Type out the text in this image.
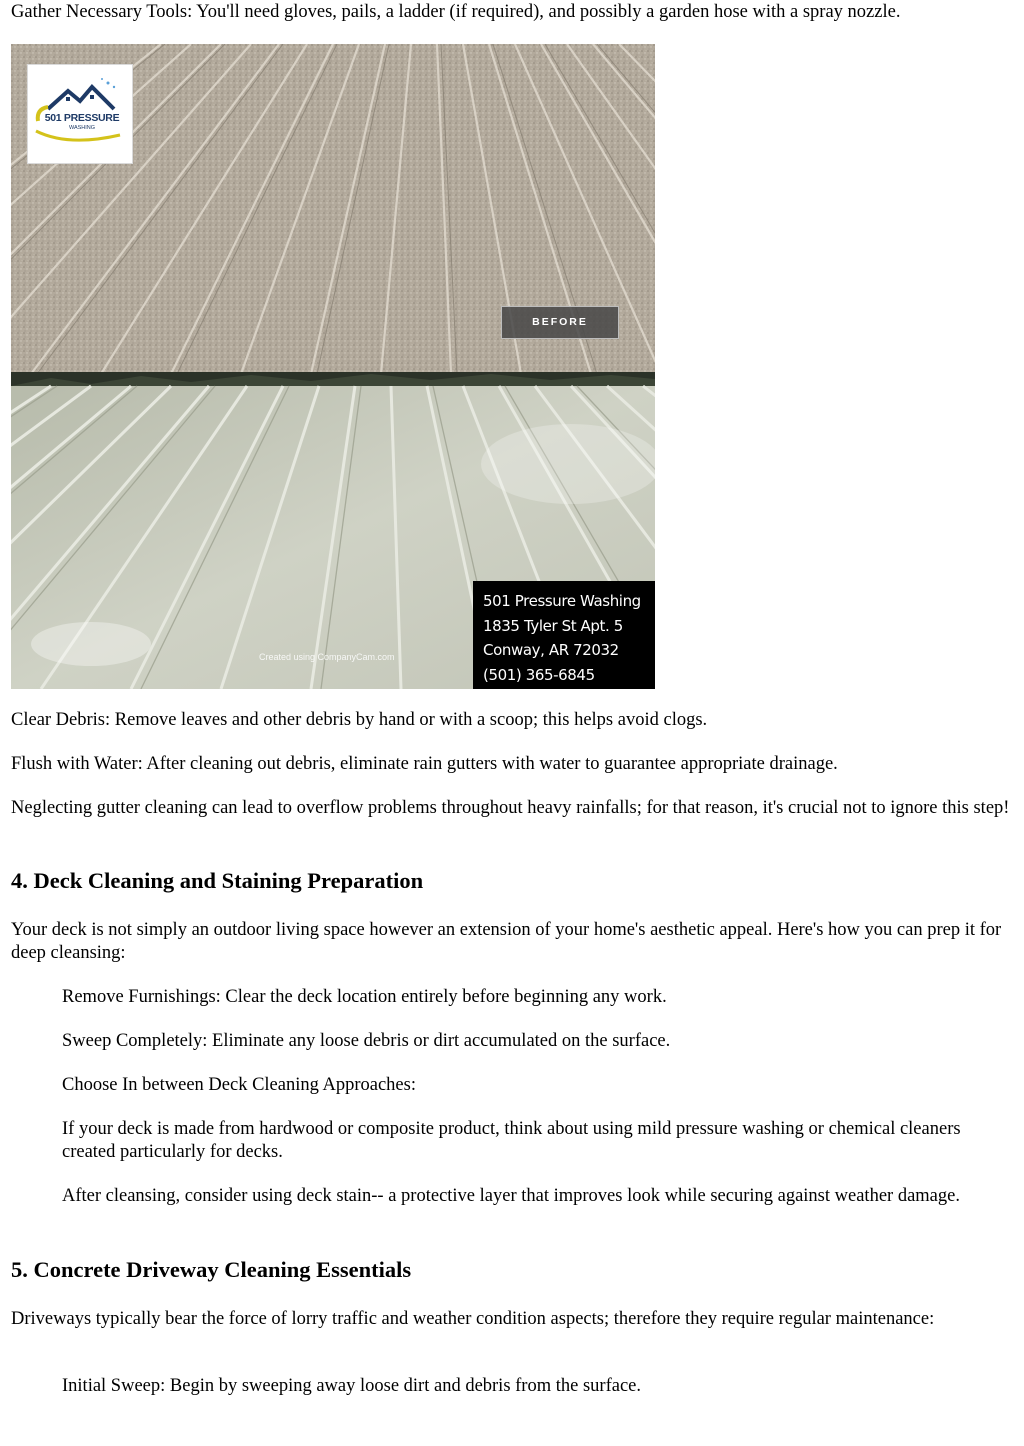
Gather Necessary Tools: You'll need gloves, pails, a ladder (if required), and possibly a garden hose with a spray nozzle.

501 PRESSURE
WASHING
BEFORE
Created using CompanyCam.com
501 Pressure Washing
1835 Tyler St Apt. 5
Conway, AR 72032
(501) 365-6845

Clear Debris: Remove leaves and other debris by hand or with a scoop; this helps avoid clogs.

Flush with Water: After cleaning out debris, eliminate rain gutters with water to guarantee appropriate drainage.

Neglecting gutter cleaning can lead to overflow problems throughout heavy rainfalls; for that reason, it's crucial not to ignore this step!

4. Deck Cleaning and Staining Preparation

Your deck is not simply an outdoor living space however an extension of your home's aesthetic appeal. Here's how you can prep it for deep cleansing:

Remove Furnishings: Clear the deck location entirely before beginning any work.

Sweep Completely: Eliminate any loose debris or dirt accumulated on the surface.

Choose In between Deck Cleaning Approaches:

If your deck is made from hardwood or composite product, think about using mild pressure washing or chemical cleaners created particularly for decks.

After cleansing, consider using deck stain-- a protective layer that improves look while securing against weather damage.

5. Concrete Driveway Cleaning Essentials

Driveways typically bear the force of lorry traffic and weather condition aspects; therefore they require regular maintenance:

Initial Sweep: Begin by sweeping away loose dirt and debris from the surface.
